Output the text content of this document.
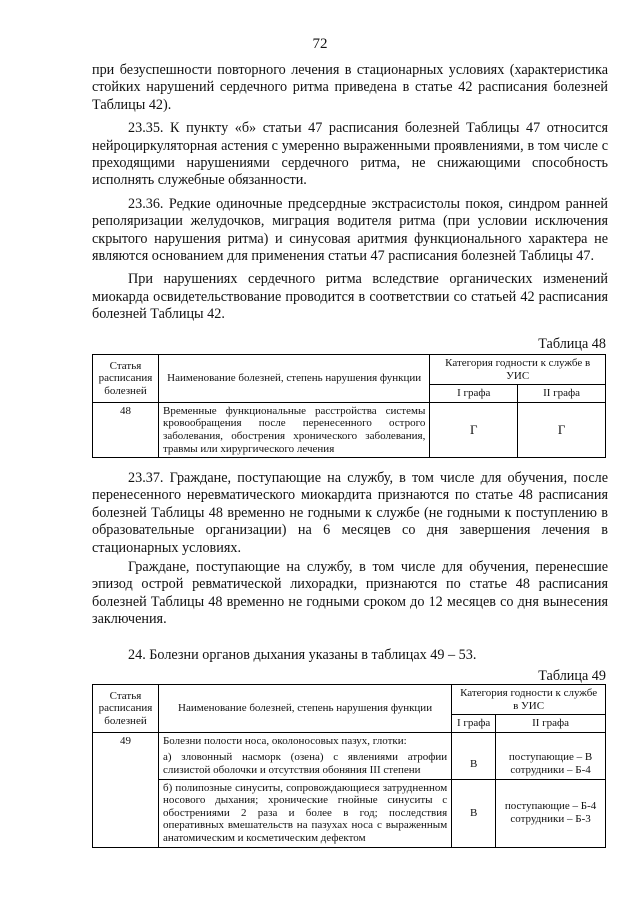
72

при безуспешности повторного лечения в стационарных условиях (характеристика стойких нарушений сердечного ритма приведена в статье 42 расписания болезней Таблицы 42).

23.35. К пункту «б» статьи 47 расписания болезней Таблицы 47 относится нейроциркуляторная астения с умеренно выраженными проявлениями, в том числе с преходящими нарушениями сердечного ритма, не снижающими способность исполнять служебные обязанности.

23.36. Редкие одиночные предсердные экстрасистолы покоя, синдром ранней реполяризации желудочков, миграция водителя ритма (при условии исключения скрытого нарушения ритма) и синусовая аритмия функционального характера не являются основанием для применения статьи 47 расписания болезней Таблицы 47.

При нарушениях сердечного ритма вследствие органических изменений миокарда освидетельствование проводится в соответствии со статьей 42 расписания болезней Таблицы 42.

Таблица 48
Статья расписания болезней	Наименование болезней, степень нарушения функции	Категория годности к службе в УИС	
		I графа	II графа
48	Временные функциональные расстройства системы кровообращения после перенесенного острого заболевания, обострения хронического заболевания, травмы или хирургического лечения	Г	Г

23.37. Граждане, поступающие на службу, в том числе для обучения, после перенесенного неревматического миокардита признаются по статье 48 расписания болезней Таблицы 48 временно не годными к службе (не годными к поступлению в образовательные организации) на 6 месяцев со дня завершения лечения в стационарных условиях.

Граждане, поступающие на службу, в том числе для обучения, перенесшие эпизод острой ревматической лихорадки, признаются по статье 48 расписания болезней Таблицы 48 временно не годными сроком до 12 месяцев со дня вынесения заключения.

24. Болезни органов дыхания указаны в таблицах 49 – 53.

Таблица 49
Статья расписания болезней	Наименование болезней, степень нарушения функции	Категория годности к службе в УИС	
		I графа	II графа
49	Болезни полости носа, околоносовых пазух, глотки:		
	а) зловонный насморк (озена) с явлениями атрофии слизистой оболочки и отсутствия обоняния III степени	В	поступающие – В
сотрудники – Б-4

	б) полипозные синуситы, сопровождающиеся затрудненном носового дыхания; хронические гнойные синуситы с обострениями 2 раза и более в год; последствия оперативных вмешательств на пазухах носа с выраженным анатомическим и косметическим дефектом	В	поступающие – Б-4
сотрудники – Б-3
